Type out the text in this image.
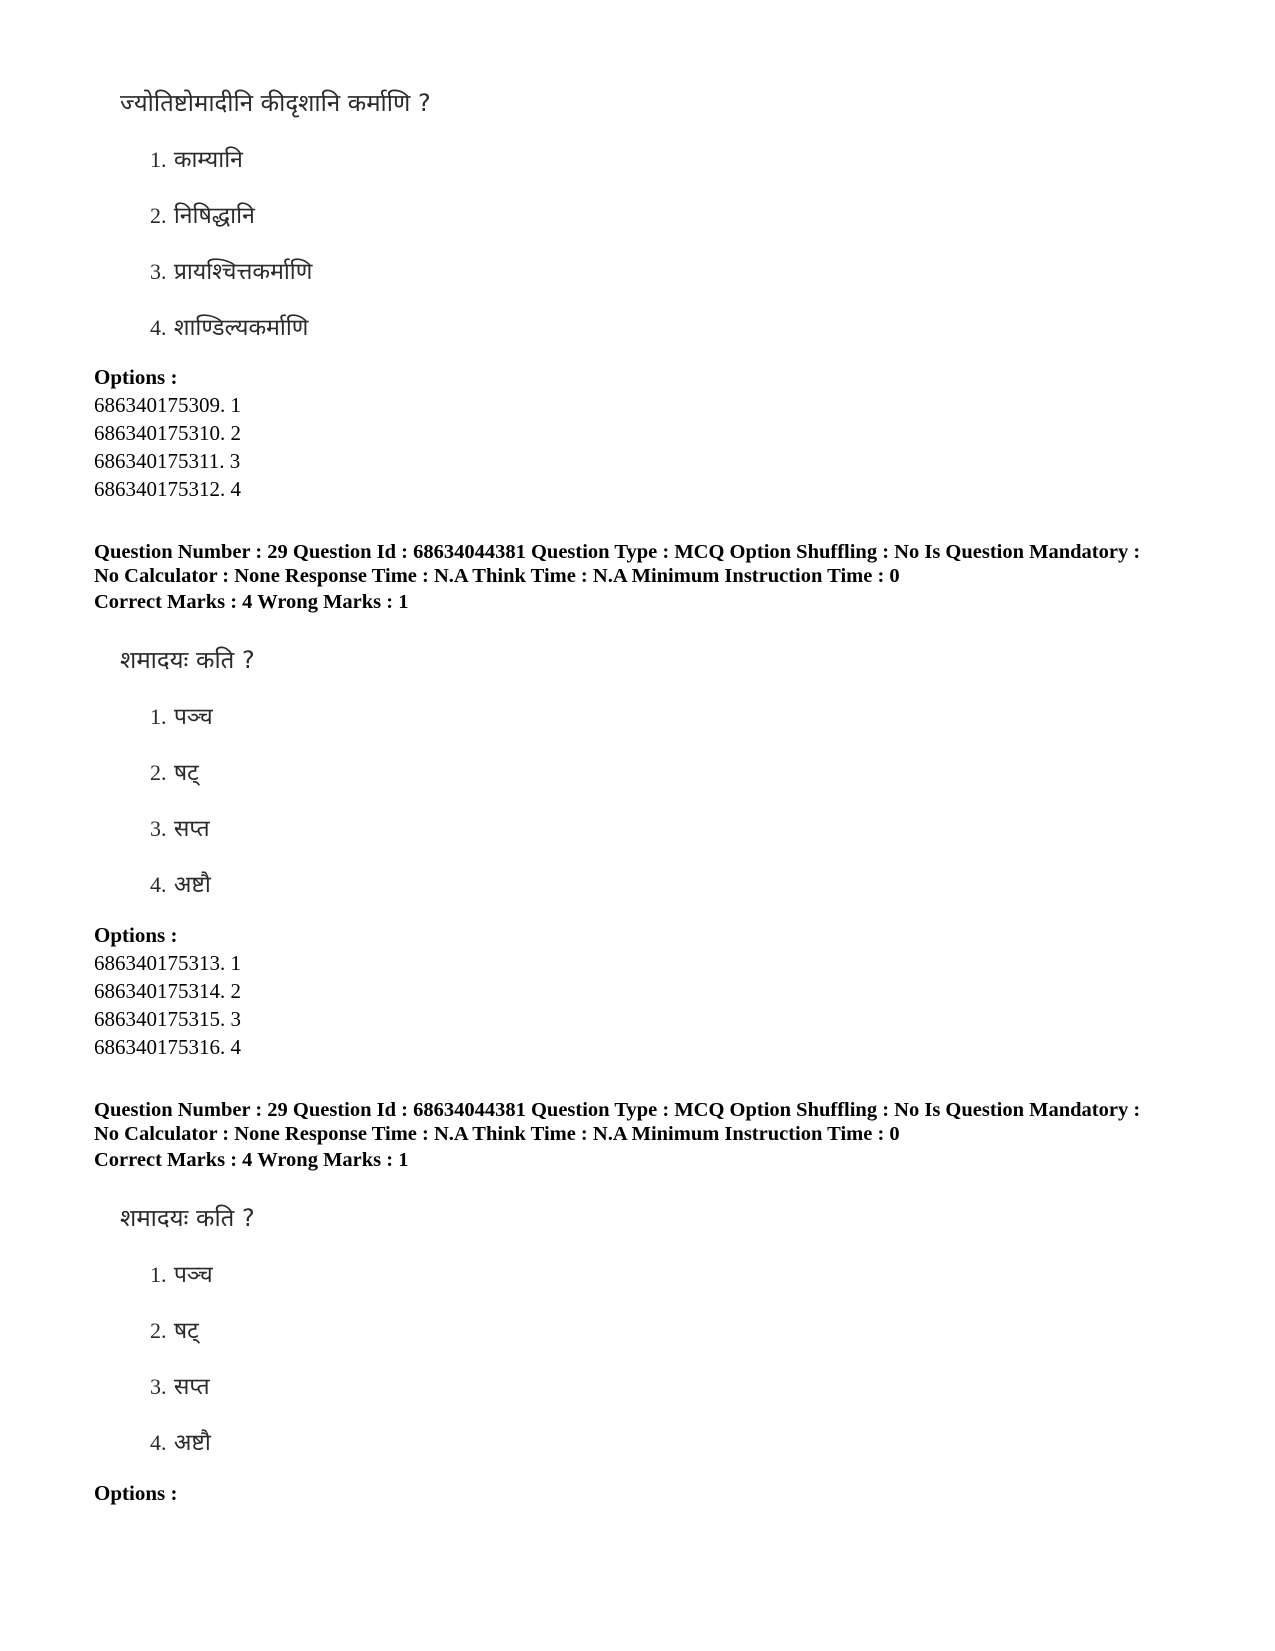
ज्योतिष्टोमादीनि कीदृशानि कर्माणि ?
1. काम्यानि
2. निषिद्धानि
3. प्रायश्चित्तकर्माणि
4. शाण्डिल्यकर्माणि
Options :
686340175309. 1
686340175310. 2
686340175311. 3
686340175312. 4
Question Number : 29 Question Id : 68634044381 Question Type : MCQ Option Shuffling : No Is Question Mandatory :
No Calculator : None Response Time : N.A Think Time : N.A Minimum Instruction Time : 0
Correct Marks : 4 Wrong Marks : 1
शमादयः कति ?
1. पञ्च
2. षट्
3. सप्त
4. अष्टौ
Options :
686340175313. 1
686340175314. 2
686340175315. 3
686340175316. 4
Question Number : 29 Question Id : 68634044381 Question Type : MCQ Option Shuffling : No Is Question Mandatory :
No Calculator : None Response Time : N.A Think Time : N.A Minimum Instruction Time : 0
Correct Marks : 4 Wrong Marks : 1
शमादयः कति ?
1. पञ्च
2. षट्
3. सप्त
4. अष्टौ
Options :
